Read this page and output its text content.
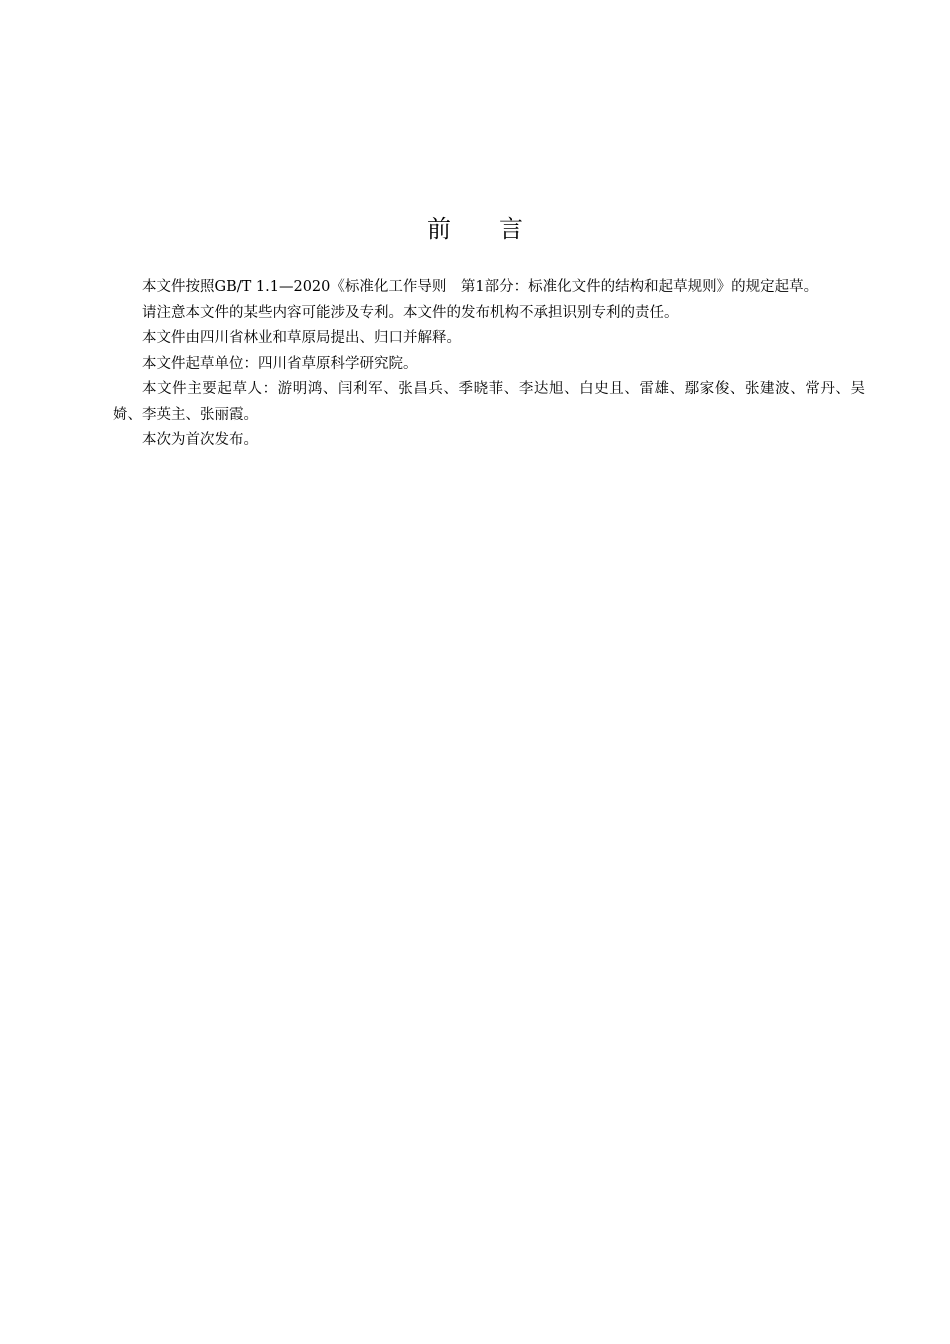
前　　言

本文件按照GB/T 1.1—2020《标准化工作导则　第1部分：标准化文件的结构和起草规则》的规定起草。

请注意本文件的某些内容可能涉及专利。本文件的发布机构不承担识别专利的责任。

本文件由四川省林业和草原局提出、归口并解释。

本文件起草单位：四川省草原科学研究院。

本文件主要起草人：游明鸿、闫利军、张昌兵、季晓菲、李达旭、白史且、雷雄、鄢家俊、张建波、常丹、吴婍、李英主、张丽霞。

本次为首次发布。
